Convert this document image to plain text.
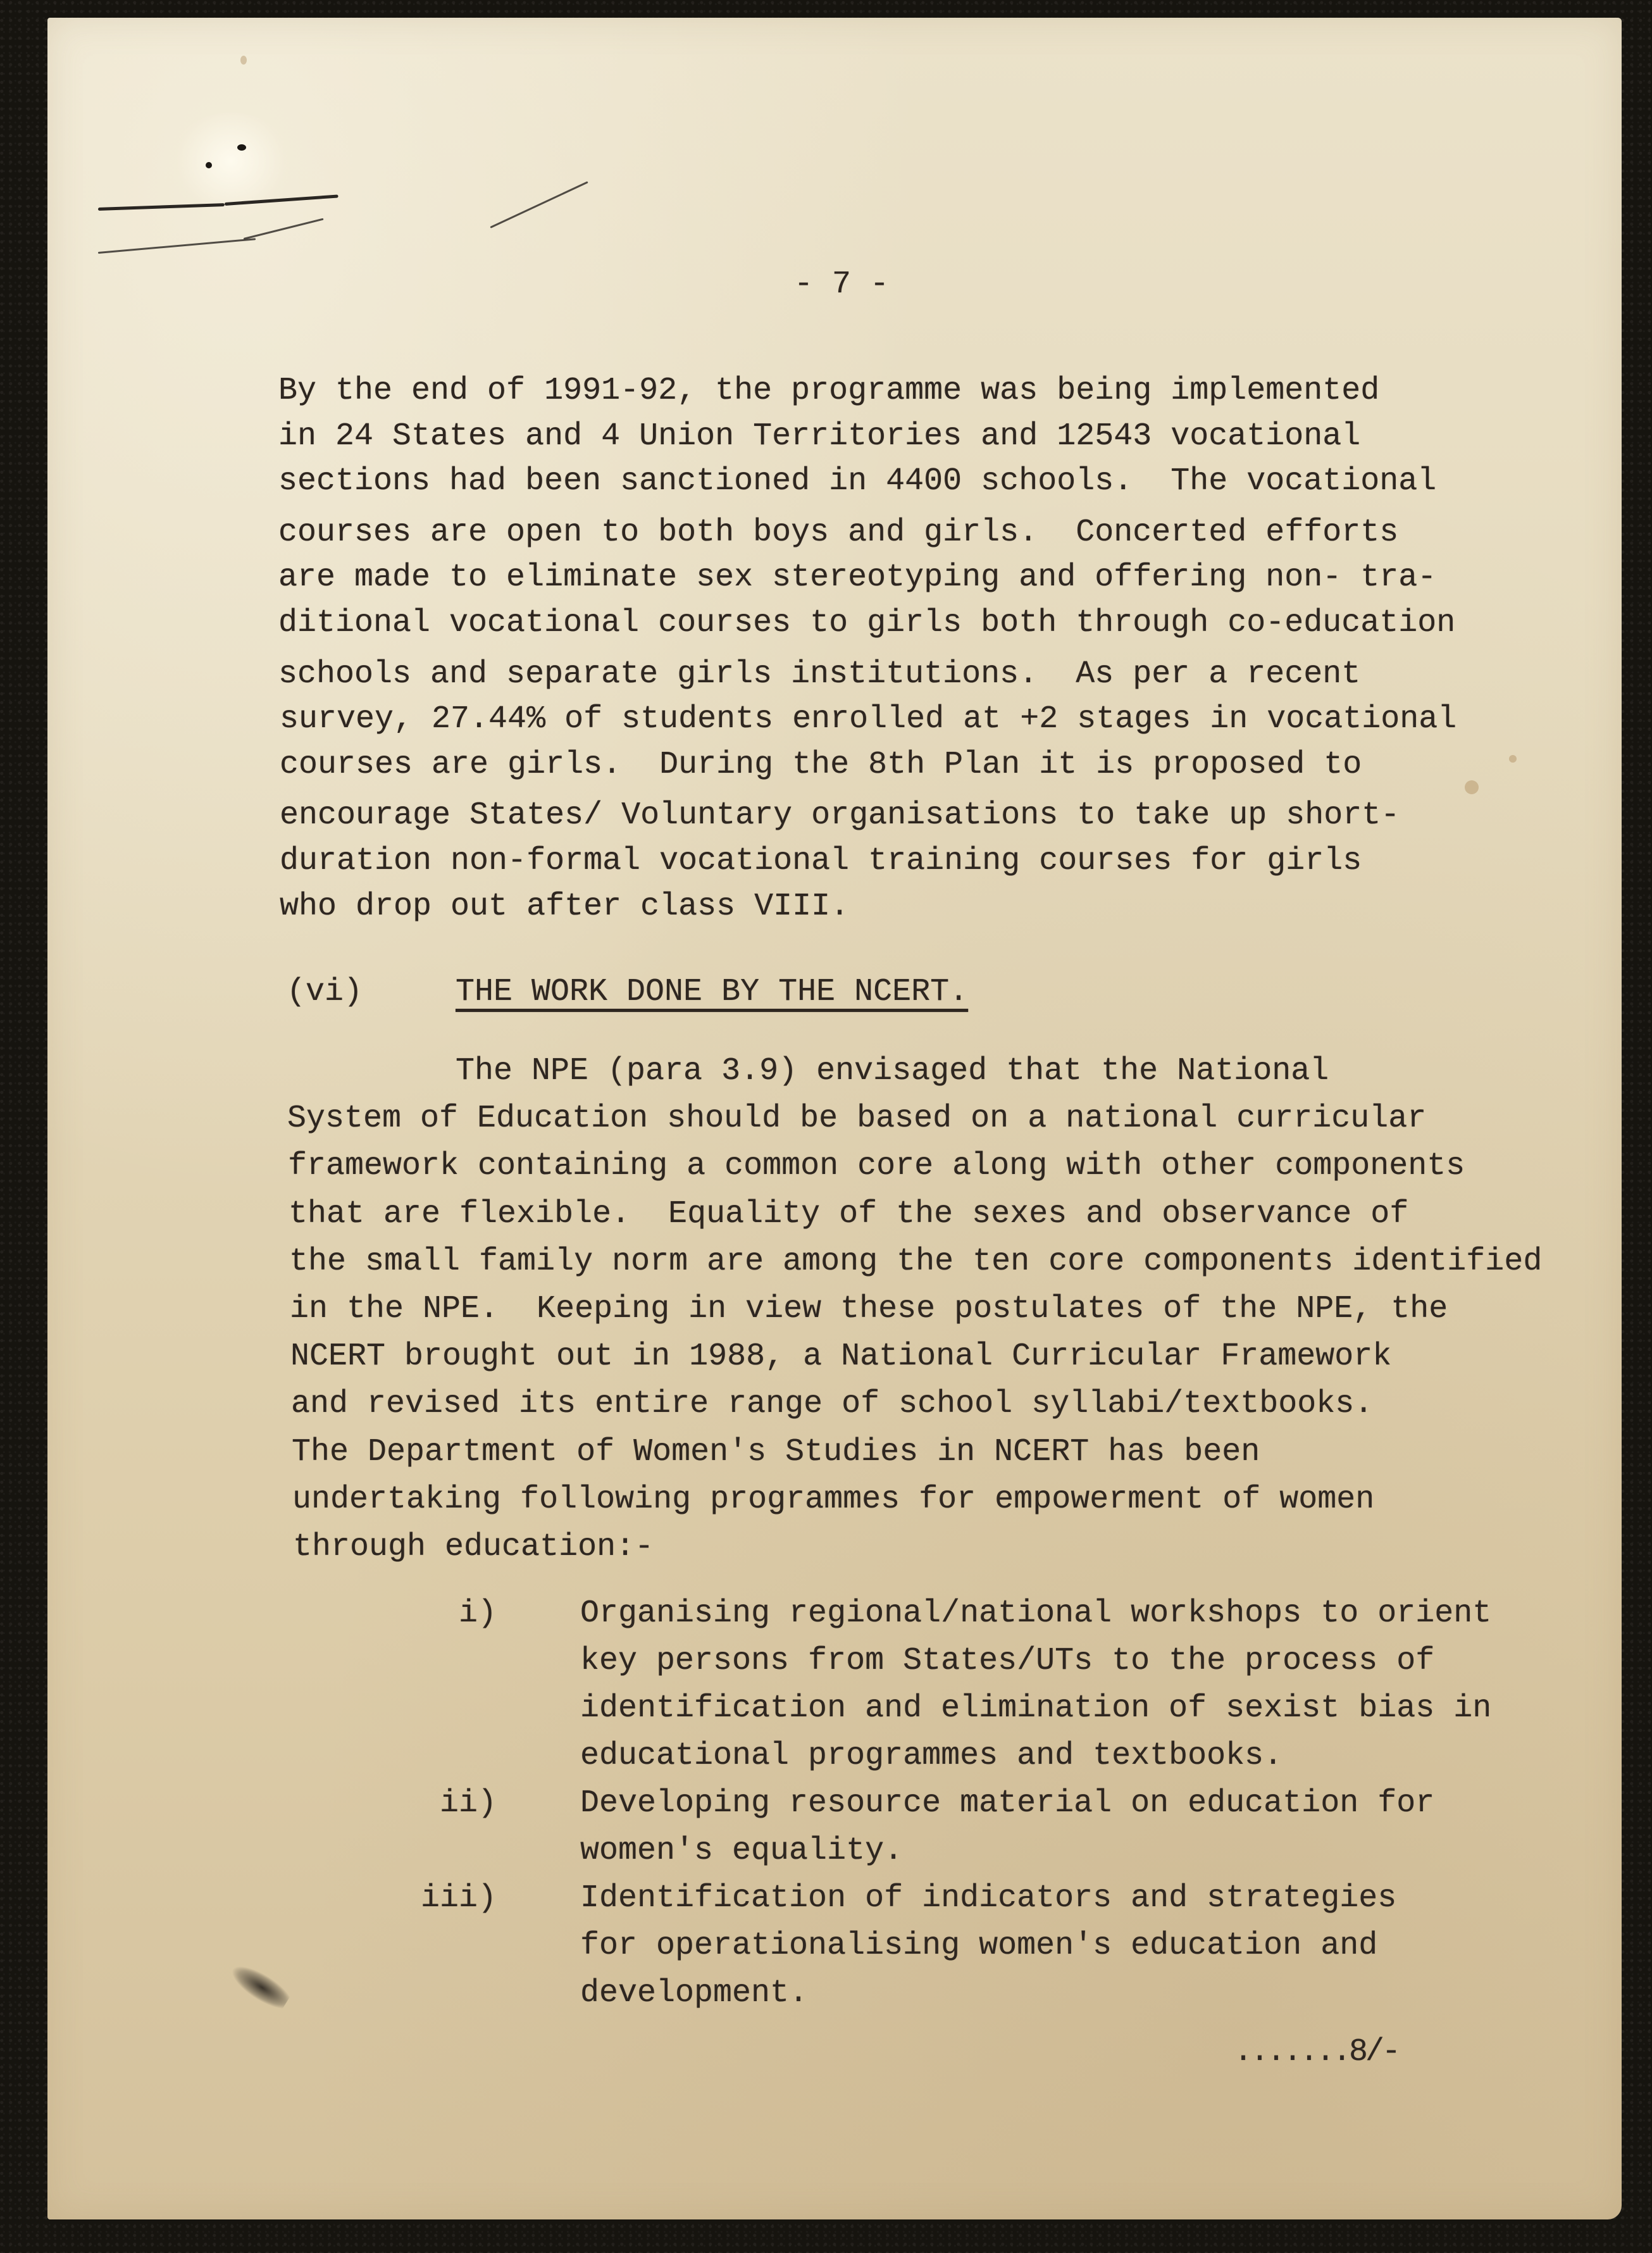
- 7 -
By the end of 1991-92, the programme was being implemented
in 24 States and 4 Union Territories and 12543 vocational
sections had been sanctioned in 4400 schools.  The vocational
courses are open to both boys and girls.  Concerted efforts
are made to eliminate sex stereotyping and offering non- tra-
ditional vocational courses to girls both through co-education
schools and separate girls institutions.  As per a recent
survey, 27.44% of students enrolled at +2 stages in vocational
courses are girls.  During the 8th Plan it is proposed to
encourage States/ Voluntary organisations to take up short-
duration non-formal vocational training courses for girls
who drop out after class VIII.
(vi)	THE WORK DONE BY THE NCERT.
The NPE (para 3.9) envisaged that the National
System of Education should be based on a national curricular
framework containing a common core along with other components
that are flexible.  Equality of the sexes and observance of
the small family norm are among the ten core components identified
in the NPE.  Keeping in view these postulates of the NPE, the
NCERT brought out in 1988, a National Curricular Framework
and revised its entire range of school syllabi/textbooks.
The Department of Women's Studies in NCERT has been
undertaking following programmes for empowerment of women
through education:-
i)	Organising regional/national workshops to orient
key persons from States/UTs to the process of
identification and elimination of sexist bias in
educational programmes and textbooks.
ii)	Developing resource material on education for
women's equality.
iii)	Identification of indicators and strategies
for operationalising women's education and
development.
.......8/-
